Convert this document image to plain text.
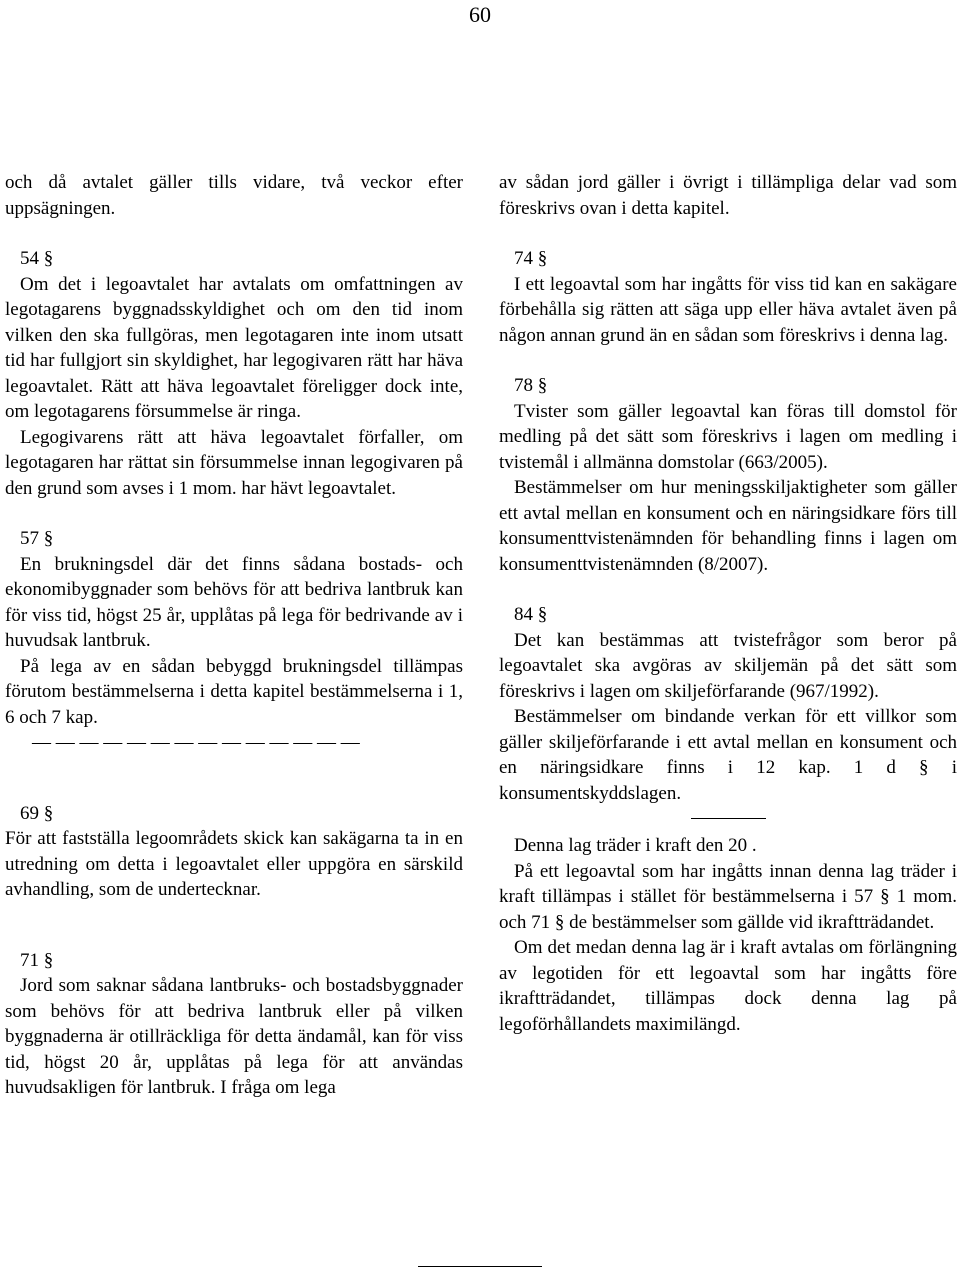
60

och då avtalet gäller tills vidare, två veckor efter uppsägningen.

54 §

Om det i legoavtalet har avtalats om omfattningen av legotagarens byggnadsskyldighet och om den tid inom vilken den ska fullgöras, men legotagaren inte inom utsatt tid har fullgjort sin skyldighet, har legogivaren rätt har häva legoavtalet. Rätt att häva legoavtalet föreligger dock inte, om legotagarens försummelse är ringa.

Legogivarens rätt att häva legoavtalet förfaller, om legotagaren har rättat sin försummelse innan legogivaren på den grund som avses i 1 mom. har hävt legoavtalet.

57 §

En brukningsdel där det finns sådana bostads- och ekonomibyggnader som behövs för att bedriva lantbruk kan för viss tid, högst 25 år, upplåtas på lega för bedrivande av i huvudsak lantbruk.

På lega av en sådan bebyggd brukningsdel tillämpas förutom bestämmelserna i detta kapitel bestämmelserna i 1, 6 och 7 kap.

— — — — — — — — — — — — — —

69 §

För att fastställa legoområdets skick kan sakägarna ta in en utredning om detta i legoavtalet eller uppgöra en särskild avhandling, som de undertecknar.

71 §

Jord som saknar sådana lantbruks- och bostadsbyggnader som behövs för att bedriva lantbruk eller på vilken byggnaderna är otillräckliga för detta ändamål, kan för viss tid, högst 20 år, upplåtas på lega för att användas huvudsakligen för lantbruk. I fråga om lega

av sådan jord gäller i övrigt i tillämpliga delar vad som föreskrivs ovan i detta kapitel.

74 §

I ett legoavtal som har ingåtts för viss tid kan en sakägare förbehålla sig rätten att säga upp eller häva avtalet även på någon annan grund än en sådan som föreskrivs i denna lag.

78 §

Tvister som gäller legoavtal kan föras till domstol för medling på det sätt som föreskrivs i lagen om medling i tvistemål i allmänna domstolar (663/2005).

Bestämmelser om hur meningsskiljaktigheter som gäller ett avtal mellan en konsument och en näringsidkare förs till konsumenttvistenämnden för behandling finns i lagen om konsumenttvistenämnden (8/2007).

84 §

Det kan bestämmas att tvistefrågor som beror på legoavtalet ska avgöras av skiljemän på det sätt som föreskrivs i lagen om skiljeförfarande (967/1992).

Bestämmelser om bindande verkan för ett villkor som gäller skiljeförfarande i ett avtal mellan en konsument och en näringsidkare finns i 12 kap. 1 d § i konsumentskyddslagen.

Denna lag träder i kraft den 20 .

På ett legoavtal som har ingåtts innan denna lag träder i kraft tillämpas i stället för bestämmelserna i 57 § 1 mom. och 71 § de bestämmelser som gällde vid ikraftträdandet.

Om det medan denna lag är i kraft avtalas om förlängning av legotiden för ett legoavtal som har ingåtts före ikraftträdandet, tillämpas dock denna lag på legoförhållandets maximilängd.
